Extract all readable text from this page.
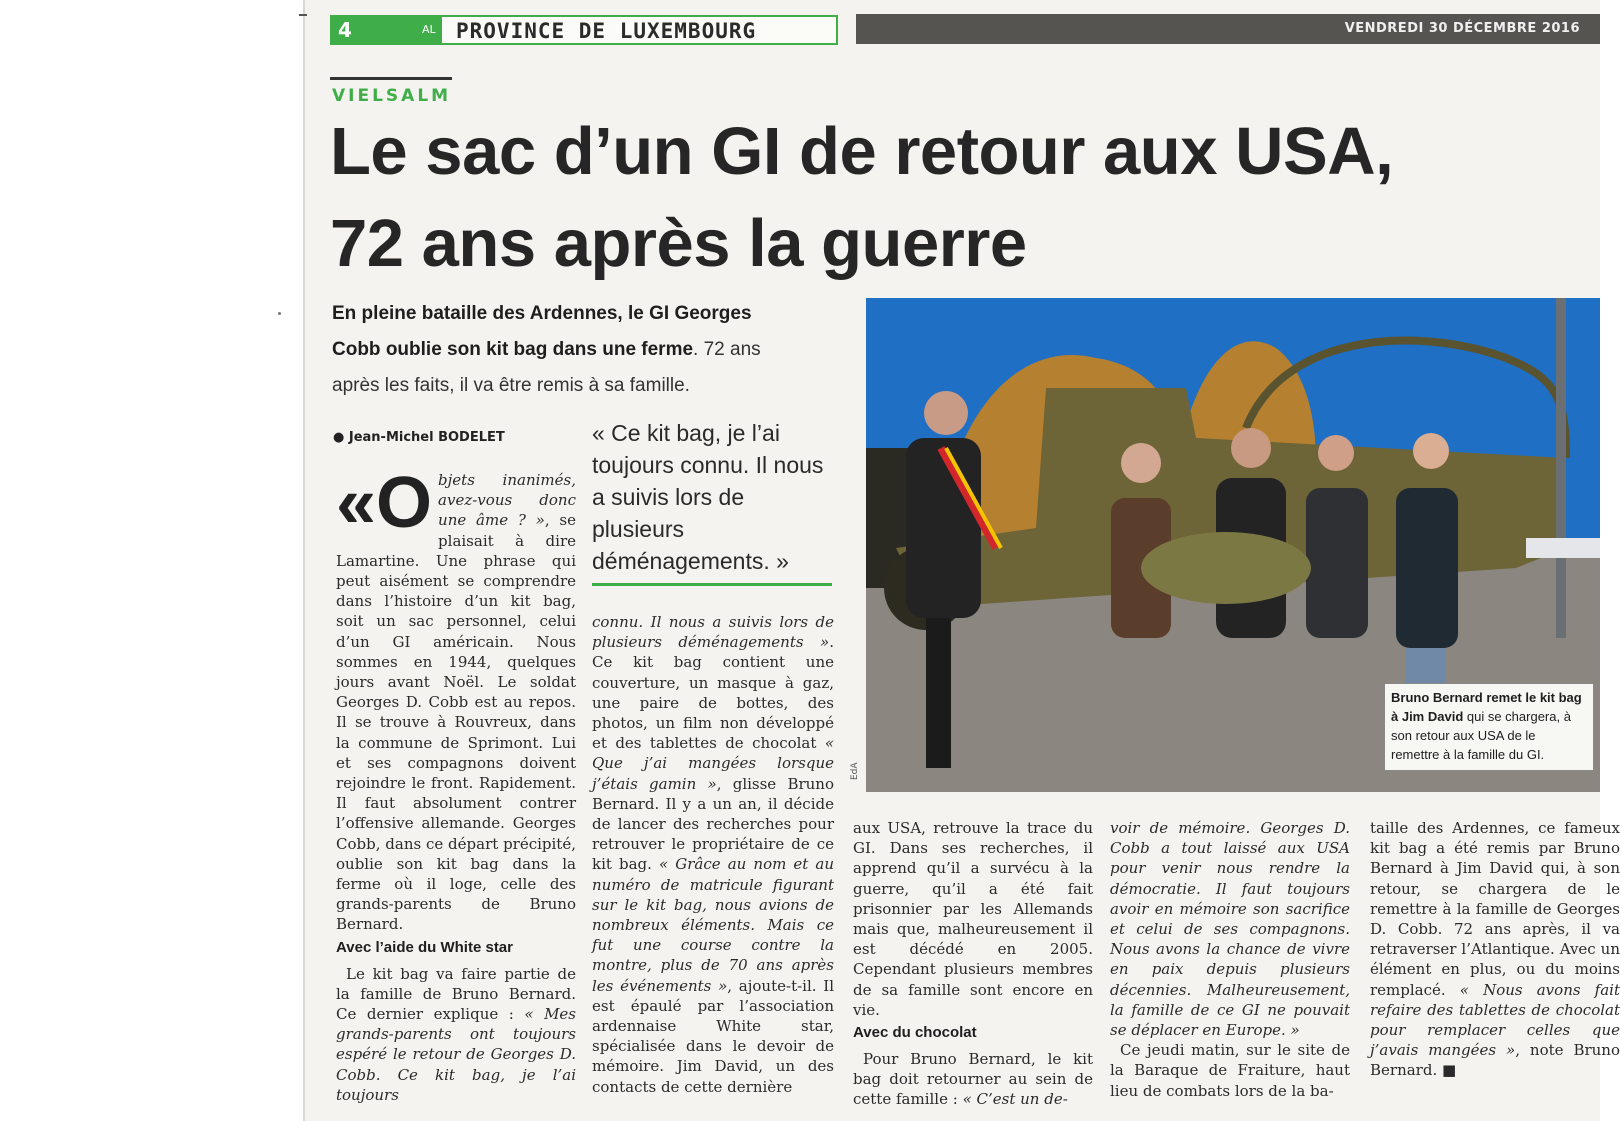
4	AL PROVINCE DE LUXEMBOURG	VENDREDI 30 DÉCEMBRE 2016
VIELSALM
Le sac d’un GI de retour aux USA,
72 ans après la guerre
En pleine bataille des Ardennes, le GI Georges
Cobb oublie son kit bag dans une ferme. 72 ans
après les faits, il va être remis à sa famille.
● Jean-Michel BODELET	« Ce kit bag, je l’ai toujours connu. Il nous a suivis lors de plusieurs déménagements. »

«O bjets inanimés, avez-vous donc une âme ? », se plaisait à dire Lamartine. Une phrase qui peut aisément se comprendre dans l’histoire d’un kit bag, soit un sac personnel, celui d’un GI américain. Nous sommes en 1944, quelques jours avant Noël. Le soldat Georges D. Cobb est au repos. Il se trouve à Rouvreux, dans la commune de Sprimont. Lui et ses compagnons doivent rejoindre le front. Rapidement. Il faut absolument contrer l’offensive allemande. Georges Cobb, dans ce départ précipité, oublie son kit bag dans la ferme où il loge, celle des grands-parents de Bruno Bernard.

Avec l’aide du White star

Le kit bag va faire partie de la famille de Bruno Bernard. Ce dernier explique : « Mes grands-parents ont toujours espéré le retour de Georges D. Cobb. Ce kit bag, je l’ai toujours

connu. Il nous a suivis lors de plusieurs déménagements ». Ce kit bag contient une couverture, un masque à gaz, une paire de bottes, des photos, un film non développé et des tablettes de chocolat « Que j’ai mangées lorsque j’étais gamin », glisse Bruno Bernard. Il y a un an, il décide de lancer des recherches pour retrouver le propriétaire de ce kit bag. « Grâce au nom et au numéro de matricule figurant sur le kit bag, nous avions de nombreux éléments. Mais ce fut une course contre la montre, plus de 70 ans après les événements », ajoute-t-il. Il est épaulé par l’association ardennaise White star, spécialisée dans le devoir de mémoire. Jim David, un des contacts de cette dernière

EdA
Bruno Bernard remet le kit bag à Jim David qui se chargera, à son retour aux USA de le remettre à la famille du GI.

aux USA, retrouve la trace du GI. Dans ses recherches, il apprend qu’il a survécu à la guerre, qu’il a été fait prisonnier par les Allemands mais que, malheureusement il est décédé en 2005. Cependant plusieurs membres de sa famille sont encore en vie.

Avec du chocolat

Pour Bruno Bernard, le kit bag doit retourner au sein de cette famille : « C’est un de-

voir de mémoire. Georges D. Cobb a tout laissé aux USA pour venir nous rendre la démocratie. Il faut toujours avoir en mémoire son sacrifice et celui de ses compagnons. Nous avons la chance de vivre en paix depuis plusieurs décennies. Malheureusement, la famille de ce GI ne pouvait se déplacer en Europe. »

Ce jeudi matin, sur le site de la Baraque de Fraiture, haut lieu de combats lors de la ba-

taille des Ardennes, ce fameux kit bag a été remis par Bruno Bernard à Jim David qui, à son retour, se chargera de le remettre à la famille de Georges D. Cobb. 72 ans après, il va retraverser l’Atlantique. Avec un élément en plus, ou du moins remplacé. « Nous avons fait refaire des tablettes de chocolat pour remplacer celles que j’avais mangées », note Bruno Bernard. ■
